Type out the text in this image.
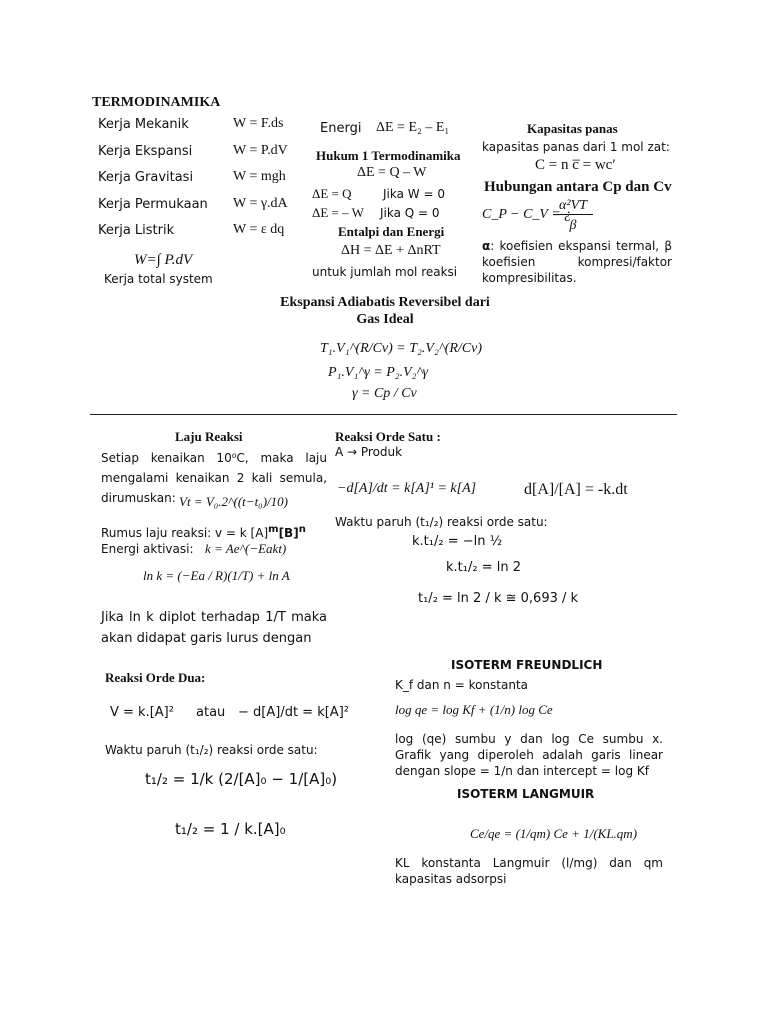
TERMODINAMIKA
Kerja Mekanik	W = F.ds
Kerja Ekspansi	W = P.dV
Kerja Gravitasi	W = mgh
Kerja Permukaan W = γ.dA
Kerja Listrik	W = ε dq
W=∫ P.dV
Kerja total system
Energi ΔE = E₂ – E₁
Hukum 1 Termodinamika
ΔE = Q – W
ΔE = Q	Jika W = 0
ΔE = – W Jika Q = 0
Entalpi dan Energi
ΔH = ΔE + ΔnRT
untuk jumlah mol reaksi
Kapasitas panas
kapasitas panas dari 1 mol zat:
C = n c̅ = wc′
Hubungan antara Cp dan Cv
C_P − C_V = ¿
α²VT
β
α: koefisien ekspansi termal, β koefisien kompresi/faktor kompresibilitas.
Ekspansi Adiabatis Reversibel dari
Gas Ideal
T₁.V₁^(R/Cv) = T₂.V₂^(R/Cv)
P₁.V₁^γ = P₂.V₂^γ
γ = Cp / Cv
Laju Reaksi
Setiap kenaikan 10⁰C, maka laju mengalami kenaikan 2 kali semula, dirumuskan: Vt = V₀.2^((t−t₀)/10)
Rumus laju reaksi: v = k $[A]^m[B]^n$
Energi aktivasi: k = Ae^(−Eakt)
ln k = (−Ea / R)(1/T) + ln A
Jika ln k diplot terhadap 1/T maka akan didapat garis lurus dengan
Reaksi Orde Satu :
A → Produk
−d[A]/dt = k[A]¹ = k[A]	d[A]/[A] = -k.dt
Waktu paruh (t₁/₂) reaksi orde satu:
k.t₁/₂ = −ln ½
k.t₁/₂ = ln 2
t₁/₂ = ln 2 / k ≅ 0,693 / k
Reaksi Orde Dua:
V = k.[A]² atau − d[A]/dt = k[A]²
Waktu paruh (t₁/₂) reaksi orde satu:
t₁/₂ = 1/k (2/[A]₀ − 1/[A]₀)
t₁/₂ = 1 / k.[A]₀
ISOTERM FREUNDLICH
K_f dan n = konstanta
log qe = log Kf + (1/n) log Ce
log (qe) sumbu y dan log Ce sumbu x. Grafik yang diperoleh adalah garis linear dengan slope = 1/n dan intercept = log Kf
ISOTERM LANGMUIR
Ce/qe = (1/qm) Ce + 1/(KL.qm)
KL konstanta Langmuir (l/mg) dan qm kapasitas adsorpsi
